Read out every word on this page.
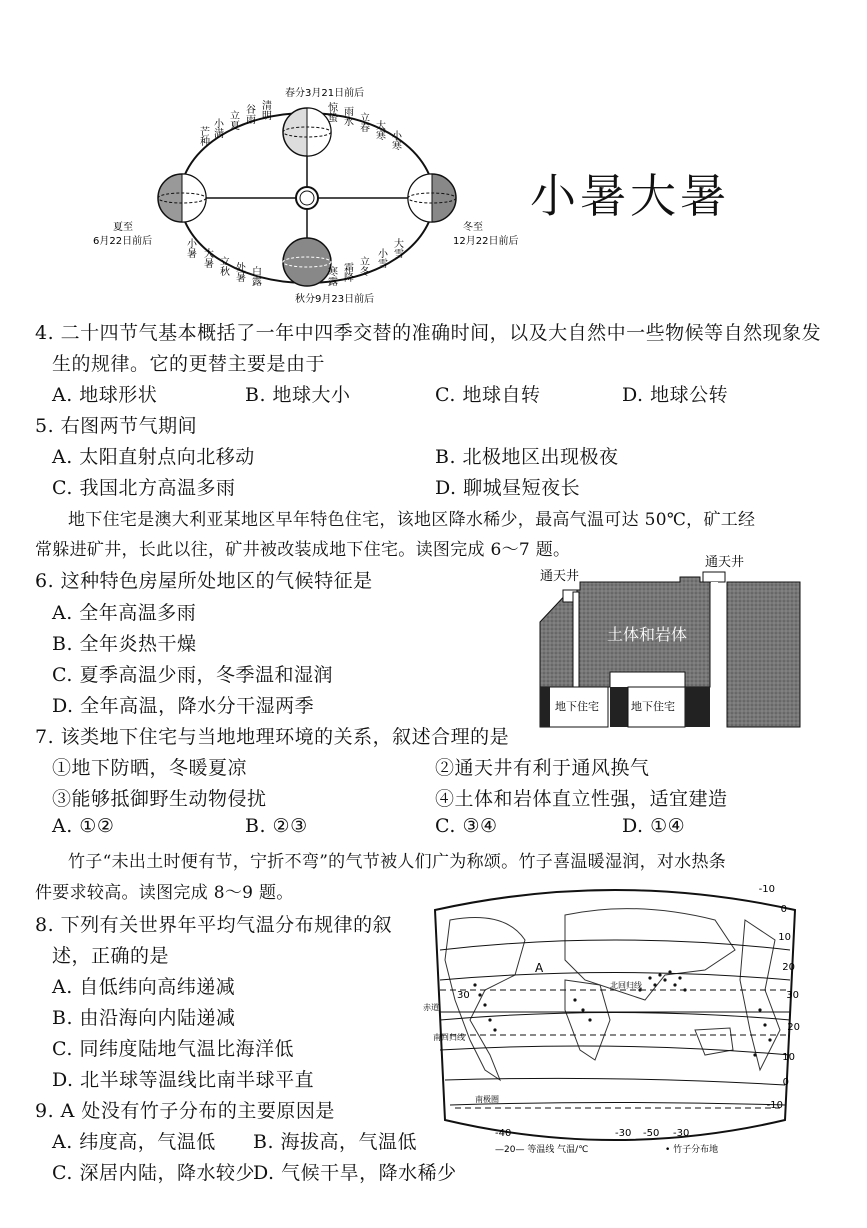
春分3月21日前后
秋分9月23日前后
夏至
6月22日前后
冬至
12月22日前后
芒种 小满 立夏 谷雨 清明	惊蛰 雨水 立春 大寒 小寒
小暑 大暑 立秋 处暑 白露	寒露 霜降 立冬 小雪 大雪
小暑大暑
4. 二十四节气基本概括了一年中四季交替的准确时间，以及大自然中一些物候等自然现象发
生的规律。它的更替主要是由于
A. 地球形状	B. 地球大小	C. 地球自转	D. 地球公转
5. 右图两节气期间
A. 太阳直射点向北移动	B. 北极地区出现极夜
C. 我国北方高温多雨	D. 聊城昼短夜长
地下住宅是澳大利亚某地区早年特色住宅，该地区降水稀少，最高气温可达 50℃，矿工经
常躲进矿井，长此以往，矿井被改装成地下住宅。读图完成 6～7 题。
通天井
通天井
土体和岩体
地下住宅	地下住宅
6. 这种特色房屋所处地区的气候特征是
A. 全年高温多雨
B. 全年炎热干燥
C. 夏季高温少雨，冬季温和湿润
D. 全年高温，降水分干湿两季
7. 该类地下住宅与当地地理环境的关系，叙述合理的是
①地下防晒，冬暖夏凉	②通天井有利于通风换气
③能够抵御野生动物侵扰	④土体和岩体直立性强，适宜建造
A. ①②	B. ②③	C. ③④	D. ①④
竹子“未出土时便有节，宁折不弯”的气节被人们广为称颂。竹子喜温暖湿润，对水热条
件要求较高。读图完成 8～9 题。
A
30
北回归线
赤道
南回归线
南极圈
-10
0
10
20
30
20
10
0
-10
-40	-30 -50 -30
—20— 等温线 气温/℃	• 竹子分布地
8. 下列有关世界年平均气温分布规律的叙
述，正确的是
A. 自低纬向高纬递减
B. 由沿海向内陆递减
C. 同纬度陆地气温比海洋低
D. 北半球等温线比南半球平直
9. A 处没有竹子分布的主要原因是
A. 纬度高，气温低 B. 海拔高，气温低
C. 深居内陆，降水较少
D. 气候干旱，降水稀少
